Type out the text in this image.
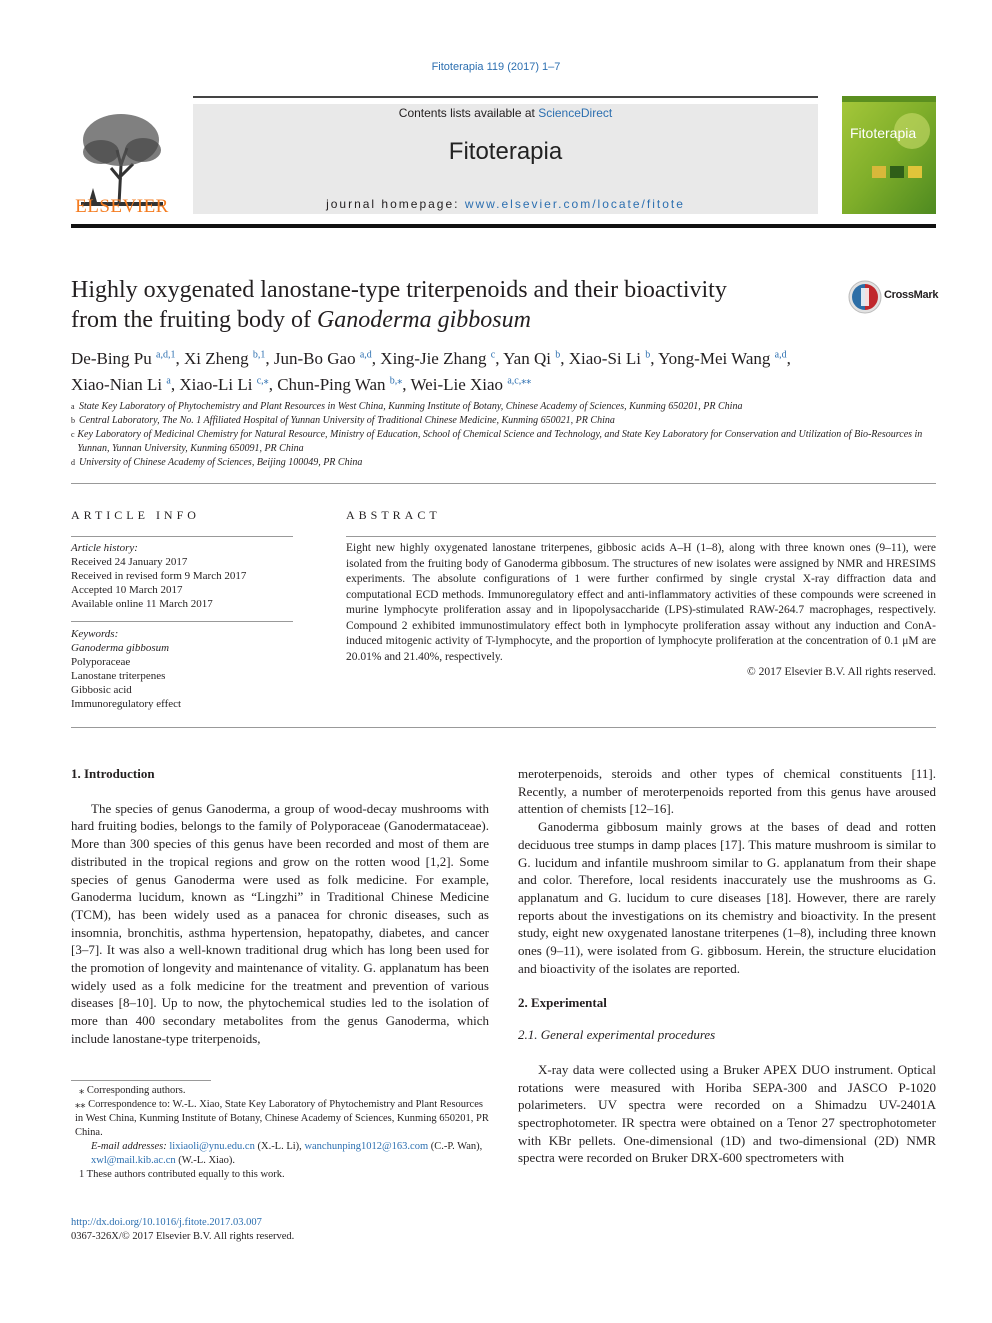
Fitoterapia 119 (2017) 1–7
ELSEVIER
Contents lists available at ScienceDirect
Fitoterapia
journal homepage: www.elsevier.com/locate/fitote
Fitoterapia
Highly oxygenated lanostane-type triterpenoids and their bioactivity
from the fruiting body of Ganoderma gibbosum
CrossMark
De-Bing Pu $^{a,d,1}$, Xi Zheng $^{b,1}$, Jun-Bo Gao $^{a,d}$, Xing-Jie Zhang $^c$, Yan Qi $^b$, Xiao-Si Li $^b$, Yong-Mei Wang $^{a,d}$,
Xiao-Nian Li $^a$, Xiao-Li Li $^{c,⁎}$, Chun-Ping Wan $^{b,⁎}$, Wei-Lie Xiao $^{a,c,⁎⁎}$
a State Key Laboratory of Phytochemistry and Plant Resources in West China, Kunming Institute of Botany, Chinese Academy of Sciences, Kunming 650201, PR China
b Central Laboratory, The No. 1 Affiliated Hospital of Yunnan University of Traditional Chinese Medicine, Kunming 650021, PR China
c Key Laboratory of Medicinal Chemistry for Natural Resource, Ministry of Education, School of Chemical Science and Technology, and State Key Laboratory for Conservation and Utilization of Bio-Resources in Yunnan, Yunnan University, Kunming 650091, PR China
d University of Chinese Academy of Sciences, Beijing 100049, PR China
ARTICLE INFO
Article history:
Received 24 January 2017
Received in revised form 9 March 2017
Accepted 10 March 2017
Available online 11 March 2017
Keywords:
Ganoderma gibbosum
Polyporaceae
Lanostane triterpenes
Gibbosic acid
Immunoregulatory effect
ABSTRACT
Eight new highly oxygenated lanostane triterpenes, gibbosic acids A–H (1–8), along with three known ones (9–11), were isolated from the fruiting body of Ganoderma gibbosum. The structures of new isolates were assigned by NMR and HRESIMS experiments. The absolute configurations of 1 were further confirmed by single crystal X-ray diffraction data and computational ECD methods. Immunoregulatory effect and anti-inflammatory activities of these compounds were screened in murine lymphocyte proliferation assay and in lipopolysaccharide (LPS)-stimulated RAW-264.7 macrophages, respectively. Compound 2 exhibited immunostimulatory effect both in lymphocyte proliferation assay without any induction and ConA-induced mitogenic activity of T-lymphocyte, and the proportion of lymphocyte proliferation at the concentration of 0.1 μM are 20.01% and 21.40%, respectively.
© 2017 Elsevier B.V. All rights reserved.
1. Introduction
The species of genus Ganoderma, a group of wood-decay mushrooms with hard fruiting bodies, belongs to the family of Polyporaceae (Ganodermataceae). More than 300 species of this genus have been recorded and most of them are distributed in the tropical regions and grow on the rotten wood [1,2]. Some species of genus Ganoderma were used as folk medicine. For example, Ganoderma lucidum, known as “Lingzhi” in Traditional Chinese Medicine (TCM), has been widely used as a panacea for chronic diseases, such as insomnia, bronchitis, asthma hypertension, hepatopathy, diabetes, and cancer [3–7]. It was also a well-known traditional drug which has long been used for the promotion of longevity and maintenance of vitality. G. applanatum has been widely used as a folk medicine for the treatment and prevention of various diseases [8–10]. Up to now, the phytochemical studies led to the isolation of more than 400 secondary metabolites from the genus Ganoderma, which include lanostane-type triterpenoids,
meroterpenoids, steroids and other types of chemical constituents [11]. Recently, a number of meroterpenoids reported from this genus have aroused attention of chemists [12–16].
Ganoderma gibbosum mainly grows at the bases of dead and rotten deciduous tree stumps in damp places [17]. This mature mushroom is similar to G. lucidum and infantile mushroom similar to G. applanatum from their shape and color. Therefore, local residents inaccurately use the mushrooms as G. applanatum and G. lucidum to cure diseases [18]. However, there are rarely reports about the investigations on its chemistry and bioactivity. In the present study, eight new oxygenated lanostane triterpenes (1–8), including three known ones (9–11), were isolated from G. gibbosum. Herein, the structure elucidation and bioactivity of the isolates are reported.
2. Experimental
2.1. General experimental procedures
X-ray data were collected using a Bruker APEX DUO instrument. Optical rotations were measured with Horiba SEPA-300 and JASCO P-1020 polarimeters. UV spectra were recorded on a Shimadzu UV-2401A spectrophotometer. IR spectra were obtained on a Tenor 27 spectrophotometer with KBr pellets. One-dimensional (1D) and two-dimensional (2D) NMR spectra were recorded on Bruker DRX-600 spectrometers with
⁎ Corresponding authors.
⁎⁎ Correspondence to: W.-L. Xiao, State Key Laboratory of Phytochemistry and Plant Resources in West China, Kunming Institute of Botany, Chinese Academy of Sciences, Kunming 650201, PR China.
E-mail addresses: lixiaoli@ynu.edu.cn (X.-L. Li), wanchunping1012@163.com (C.-P. Wan), xwl@mail.kib.ac.cn (W.-L. Xiao).
1 These authors contributed equally to this work.
http://dx.doi.org/10.1016/j.fitote.2017.03.007
0367-326X/© 2017 Elsevier B.V. All rights reserved.
